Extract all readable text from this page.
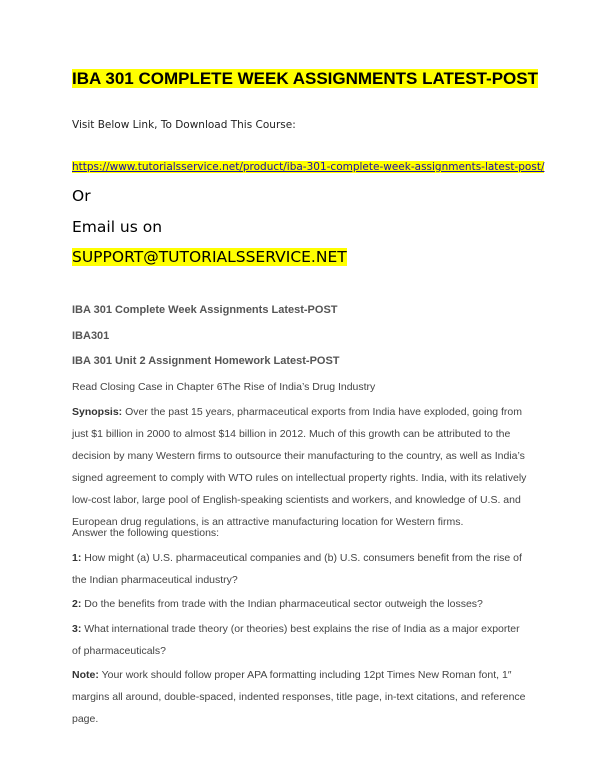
IBA 301 COMPLETE WEEK ASSIGNMENTS LATEST-POST

Visit Below Link, To Download This Course:

https://www.tutorialsservice.net/product/iba-301-complete-week-assignments-latest-post/

Or

Email us on

SUPPORT@TUTORIALSSERVICE.NET

IBA 301 Complete Week Assignments Latest-POST

IBA301

IBA 301 Unit 2 Assignment Homework Latest-POST

Read Closing Case in Chapter 6The Rise of India’s Drug Industry

Synopsis: Over the past 15 years, pharmaceutical exports from India have exploded, going from just $1 billion in 2000 to almost $14 billion in 2012. Much of this growth can be attributed to the decision by many Western firms to outsource their manufacturing to the country, as well as India’s signed agreement to comply with WTO rules on intellectual property rights. India, with its relatively low-cost labor, large pool of English-speaking scientists and workers, and knowledge of U.S. and European drug regulations, is an attractive manufacturing location for Western firms.

Answer the following questions:

1: How might (a) U.S. pharmaceutical companies and (b) U.S. consumers benefit from the rise of the Indian pharmaceutical industry?

2: Do the benefits from trade with the Indian pharmaceutical sector outweigh the losses?

3: What international trade theory (or theories) best explains the rise of India as a major exporter of pharmaceuticals?

Note: Your work should follow proper APA formatting including 12pt Times New Roman font, 1″ margins all around, double-spaced, indented responses, title page, in-text citations, and reference page.
